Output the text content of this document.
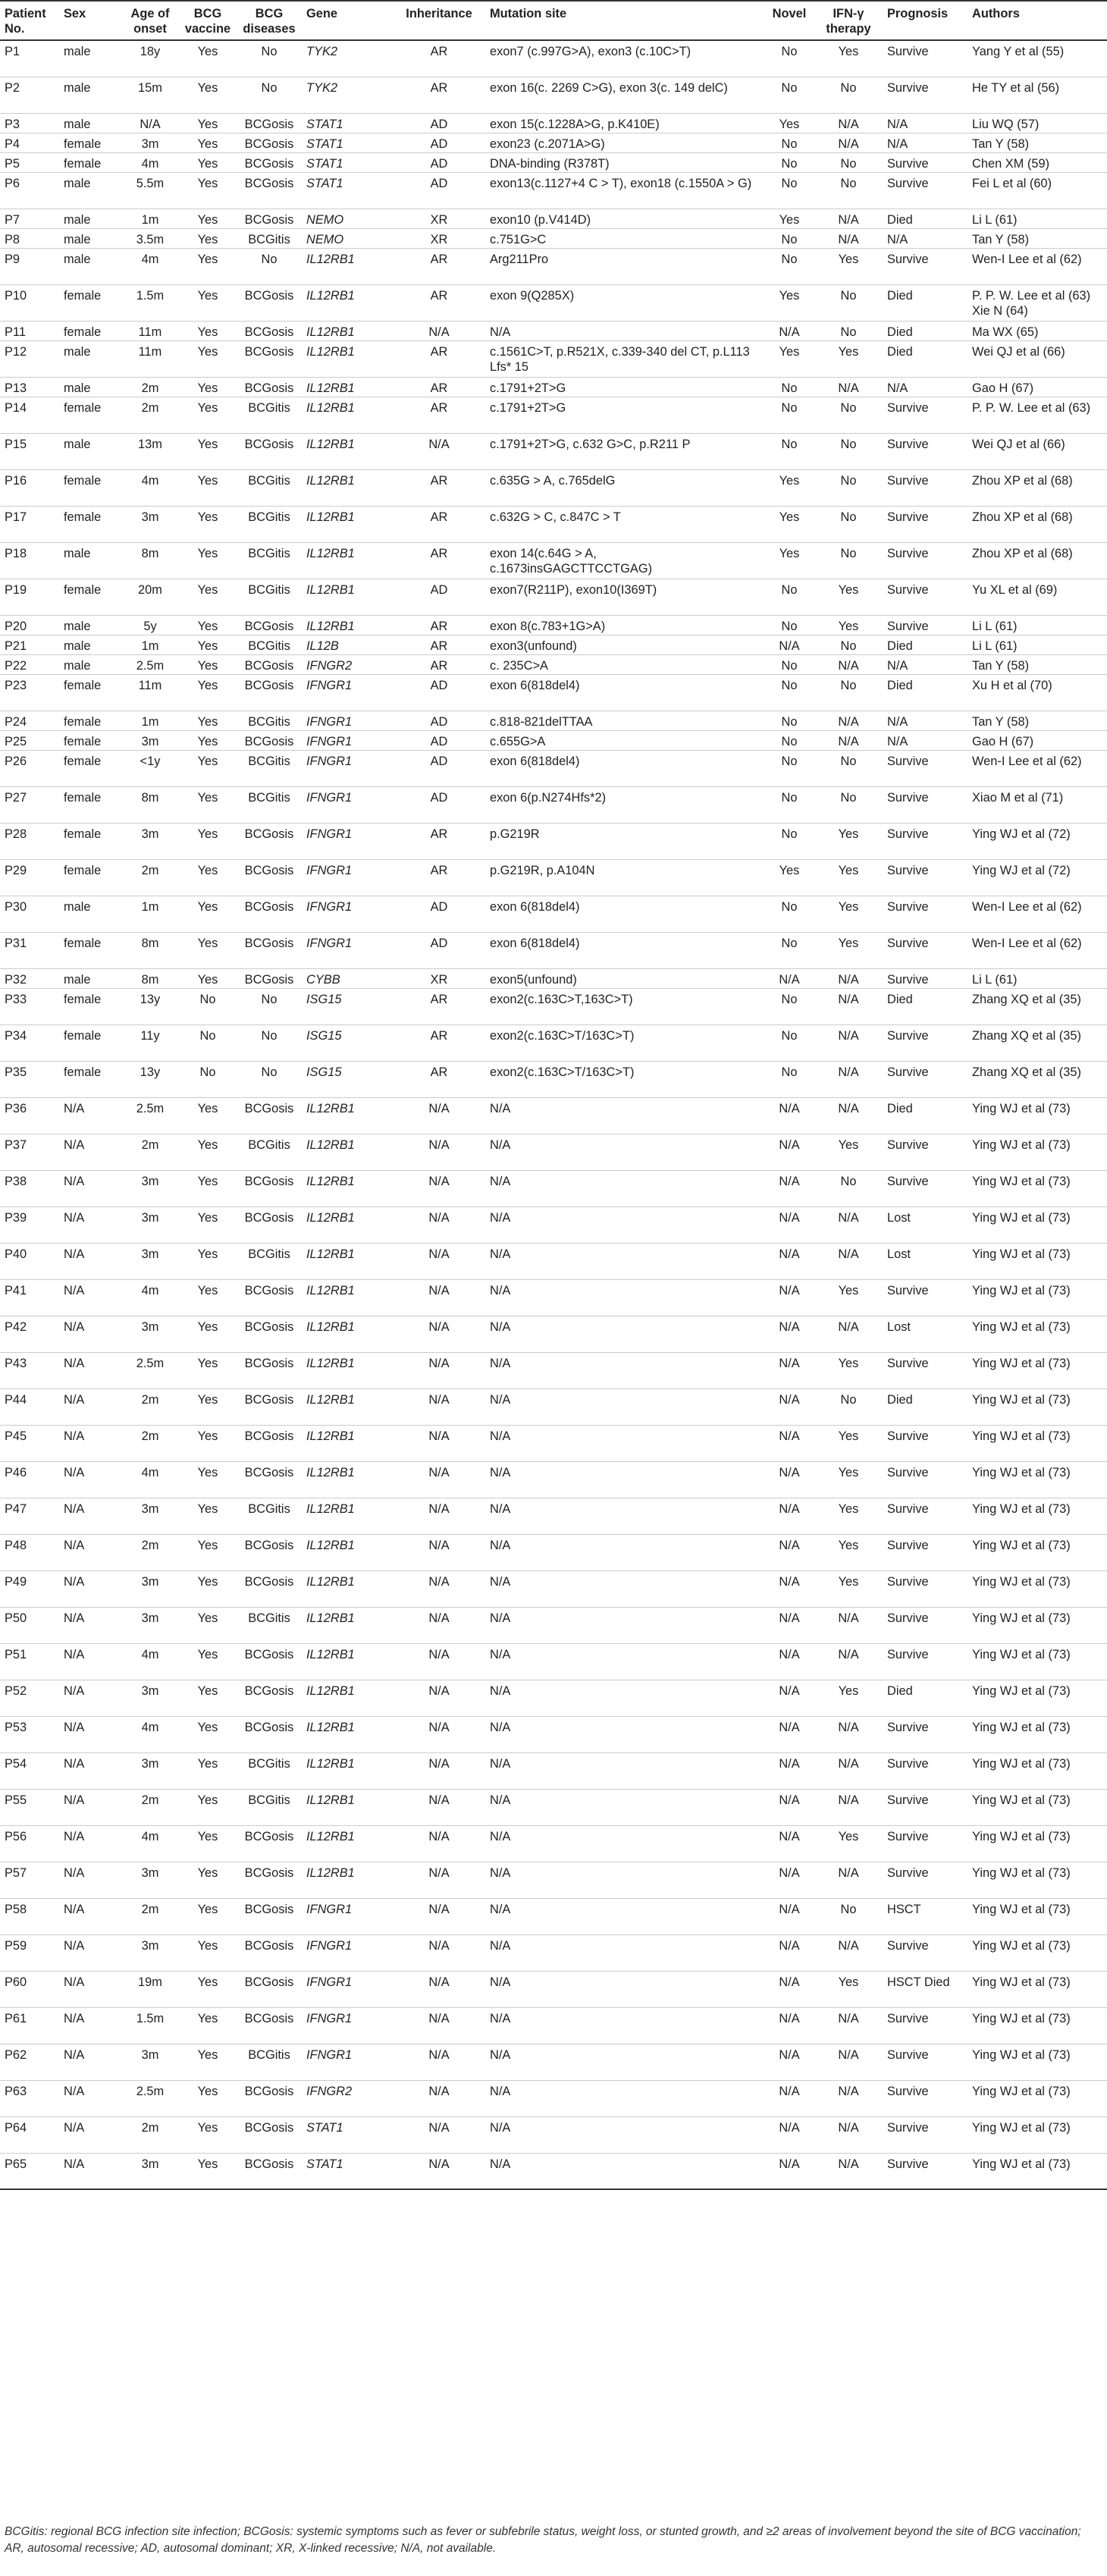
Patient No.	Sex	Age of onset	BCG vaccine	BCG diseases	Gene	Inheritance	Mutation site	Novel	IFN-γ therapy	Prognosis	Authors
P1	male	18y	Yes	No	TYK2	AR	exon7 (c.997G>A), exon3 (c.10C>T)	No	Yes	Survive	Yang Y et al (55)
P2	male	15m	Yes	No	TYK2	AR	exon 16(c. 2269 C>G), exon 3(c. 149 delC)	No	No	Survive	He TY et al (56)
P3	male	N/A	Yes	BCGosis	STAT1	AD	exon 15(c.1228A>G, p.K410E)	Yes	N/A	N/A	Liu WQ (57)
P4	female	3m	Yes	BCGosis	STAT1	AD	exon23 (c.2071A>G)	No	N/A	N/A	Tan Y (58)
P5	female	4m	Yes	BCGosis	STAT1	AD	DNA-binding (R378T)	No	No	Survive	Chen XM (59)
P6	male	5.5m	Yes	BCGosis	STAT1	AD	exon13(c.1127+4 C > T), exon18 (c.1550A > G)	No	No	Survive	Fei L et al (60)
P7	male	1m	Yes	BCGosis	NEMO	XR	exon10 (p.V414D)	Yes	N/A	Died	Li L (61)
P8	male	3.5m	Yes	BCGitis	NEMO	XR	c.751G>C	No	N/A	N/A	Tan Y (58)
P9	male	4m	Yes	No	IL12RB1	AR	Arg211Pro	No	Yes	Survive	Wen-I Lee et al (62)
P10	female	1.5m	Yes	BCGosis	IL12RB1	AR	exon 9(Q285X)	Yes	No	Died	P. P. W. Lee et al (63) Xie N (64)
P11	female	11m	Yes	BCGosis	IL12RB1	N/A	N/A	N/A	No	Died	Ma WX (65)
P12	male	11m	Yes	BCGosis	IL12RB1	AR	c.1561C>T, p.R521X, c.339-340 del CT, p.L113 Lfs* 15	Yes	Yes	Died	Wei QJ et al (66)
P13	male	2m	Yes	BCGosis	IL12RB1	AR	c.1791+2T>G	No	N/A	N/A	Gao H (67)
P14	female	2m	Yes	BCGitis	IL12RB1	AR	c.1791+2T>G	No	No	Survive	P. P. W. Lee et al (63)
P15	male	13m	Yes	BCGosis	IL12RB1	N/A	c.1791+2T>G, c.632 G>C, p.R211 P	No	No	Survive	Wei QJ et al (66)
P16	female	4m	Yes	BCGitis	IL12RB1	AR	c.635G > A, c.765delG	Yes	No	Survive	Zhou XP et al (68)
P17	female	3m	Yes	BCGitis	IL12RB1	AR	c.632G > C, c.847C > T	Yes	No	Survive	Zhou XP et al (68)
P18	male	8m	Yes	BCGitis	IL12RB1	AR	exon 14(c.64G > A, c.1673insGAGCTTCCTGAG)	Yes	No	Survive	Zhou XP et al (68)
P19	female	20m	Yes	BCGitis	IL12RB1	AD	exon7(R211P), exon10(I369T)	No	Yes	Survive	Yu XL et al (69)
P20	male	5y	Yes	BCGosis	IL12RB1	AR	exon 8(c.783+1G>A)	No	Yes	Survive	Li L (61)
P21	male	1m	Yes	BCGitis	IL12B	AR	exon3(unfound)	N/A	No	Died	Li L (61)
P22	male	2.5m	Yes	BCGosis	IFNGR2	AR	c. 235C>A	No	N/A	N/A	Tan Y (58)
P23	female	11m	Yes	BCGosis	IFNGR1	AD	exon 6(818del4)	No	No	Died	Xu H et al (70)
P24	female	1m	Yes	BCGitis	IFNGR1	AD	c.818-821delTTAA	No	N/A	N/A	Tan Y (58)
P25	female	3m	Yes	BCGosis	IFNGR1	AD	c.655G>A	No	N/A	N/A	Gao H (67)
P26	female	<1y	Yes	BCGitis	IFNGR1	AD	exon 6(818del4)	No	No	Survive	Wen-I Lee et al (62)
P27	female	8m	Yes	BCGitis	IFNGR1	AD	exon 6(p.N274Hfs*2)	No	No	Survive	Xiao M et al (71)
P28	female	3m	Yes	BCGosis	IFNGR1	AR	p.G219R	No	Yes	Survive	Ying WJ et al (72)
P29	female	2m	Yes	BCGosis	IFNGR1	AR	p.G219R, p.A104N	Yes	Yes	Survive	Ying WJ et al (72)
P30	male	1m	Yes	BCGosis	IFNGR1	AD	exon 6(818del4)	No	Yes	Survive	Wen-I Lee et al (62)
P31	female	8m	Yes	BCGosis	IFNGR1	AD	exon 6(818del4)	No	Yes	Survive	Wen-I Lee et al (62)
P32	male	8m	Yes	BCGosis	CYBB	XR	exon5(unfound)	N/A	N/A	Survive	Li L (61)
P33	female	13y	No	No	ISG15	AR	exon2(c.163C>T,163C>T)	No	N/A	Died	Zhang XQ et al (35)
P34	female	11y	No	No	ISG15	AR	exon2(c.163C>T/163C>T)	No	N/A	Survive	Zhang XQ et al (35)
P35	female	13y	No	No	ISG15	AR	exon2(c.163C>T/163C>T)	No	N/A	Survive	Zhang XQ et al (35)
P36	N/A	2.5m	Yes	BCGosis	IL12RB1	N/A	N/A	N/A	N/A	Died	Ying WJ et al (73)
P37	N/A	2m	Yes	BCGitis	IL12RB1	N/A	N/A	N/A	Yes	Survive	Ying WJ et al (73)
P38	N/A	3m	Yes	BCGosis	IL12RB1	N/A	N/A	N/A	No	Survive	Ying WJ et al (73)
P39	N/A	3m	Yes	BCGosis	IL12RB1	N/A	N/A	N/A	N/A	Lost	Ying WJ et al (73)
P40	N/A	3m	Yes	BCGitis	IL12RB1	N/A	N/A	N/A	N/A	Lost	Ying WJ et al (73)
P41	N/A	4m	Yes	BCGosis	IL12RB1	N/A	N/A	N/A	Yes	Survive	Ying WJ et al (73)
P42	N/A	3m	Yes	BCGosis	IL12RB1	N/A	N/A	N/A	N/A	Lost	Ying WJ et al (73)
P43	N/A	2.5m	Yes	BCGosis	IL12RB1	N/A	N/A	N/A	Yes	Survive	Ying WJ et al (73)
P44	N/A	2m	Yes	BCGosis	IL12RB1	N/A	N/A	N/A	No	Died	Ying WJ et al (73)
P45	N/A	2m	Yes	BCGosis	IL12RB1	N/A	N/A	N/A	Yes	Survive	Ying WJ et al (73)
P46	N/A	4m	Yes	BCGosis	IL12RB1	N/A	N/A	N/A	Yes	Survive	Ying WJ et al (73)
P47	N/A	3m	Yes	BCGitis	IL12RB1	N/A	N/A	N/A	Yes	Survive	Ying WJ et al (73)
P48	N/A	2m	Yes	BCGosis	IL12RB1	N/A	N/A	N/A	Yes	Survive	Ying WJ et al (73)
P49	N/A	3m	Yes	BCGosis	IL12RB1	N/A	N/A	N/A	Yes	Survive	Ying WJ et al (73)
P50	N/A	3m	Yes	BCGitis	IL12RB1	N/A	N/A	N/A	N/A	Survive	Ying WJ et al (73)
P51	N/A	4m	Yes	BCGosis	IL12RB1	N/A	N/A	N/A	N/A	Survive	Ying WJ et al (73)
P52	N/A	3m	Yes	BCGosis	IL12RB1	N/A	N/A	N/A	Yes	Died	Ying WJ et al (73)
P53	N/A	4m	Yes	BCGosis	IL12RB1	N/A	N/A	N/A	N/A	Survive	Ying WJ et al (73)
P54	N/A	3m	Yes	BCGitis	IL12RB1	N/A	N/A	N/A	N/A	Survive	Ying WJ et al (73)
P55	N/A	2m	Yes	BCGitis	IL12RB1	N/A	N/A	N/A	N/A	Survive	Ying WJ et al (73)
P56	N/A	4m	Yes	BCGosis	IL12RB1	N/A	N/A	N/A	Yes	Survive	Ying WJ et al (73)
P57	N/A	3m	Yes	BCGosis	IL12RB1	N/A	N/A	N/A	N/A	Survive	Ying WJ et al (73)
P58	N/A	2m	Yes	BCGosis	IFNGR1	N/A	N/A	N/A	No	HSCT	Ying WJ et al (73)
P59	N/A	3m	Yes	BCGosis	IFNGR1	N/A	N/A	N/A	N/A	Survive	Ying WJ et al (73)
P60	N/A	19m	Yes	BCGosis	IFNGR1	N/A	N/A	N/A	Yes	HSCT Died	Ying WJ et al (73)
P61	N/A	1.5m	Yes	BCGosis	IFNGR1	N/A	N/A	N/A	N/A	Survive	Ying WJ et al (73)
P62	N/A	3m	Yes	BCGitis	IFNGR1	N/A	N/A	N/A	N/A	Survive	Ying WJ et al (73)
P63	N/A	2.5m	Yes	BCGosis	IFNGR2	N/A	N/A	N/A	N/A	Survive	Ying WJ et al (73)
P64	N/A	2m	Yes	BCGosis	STAT1	N/A	N/A	N/A	N/A	Survive	Ying WJ et al (73)
P65	N/A	3m	Yes	BCGosis	STAT1	N/A	N/A	N/A	N/A	Survive	Ying WJ et al (73)
BCGitis: regional BCG infection site infection; BCGosis: systemic symptoms such as fever or subfebrile status, weight loss, or stunted growth, and ≥2 areas of involvement beyond the site of BCG vaccination; AR, autosomal recessive; AD, autosomal dominant; XR, X-linked recessive; N/A, not available.
